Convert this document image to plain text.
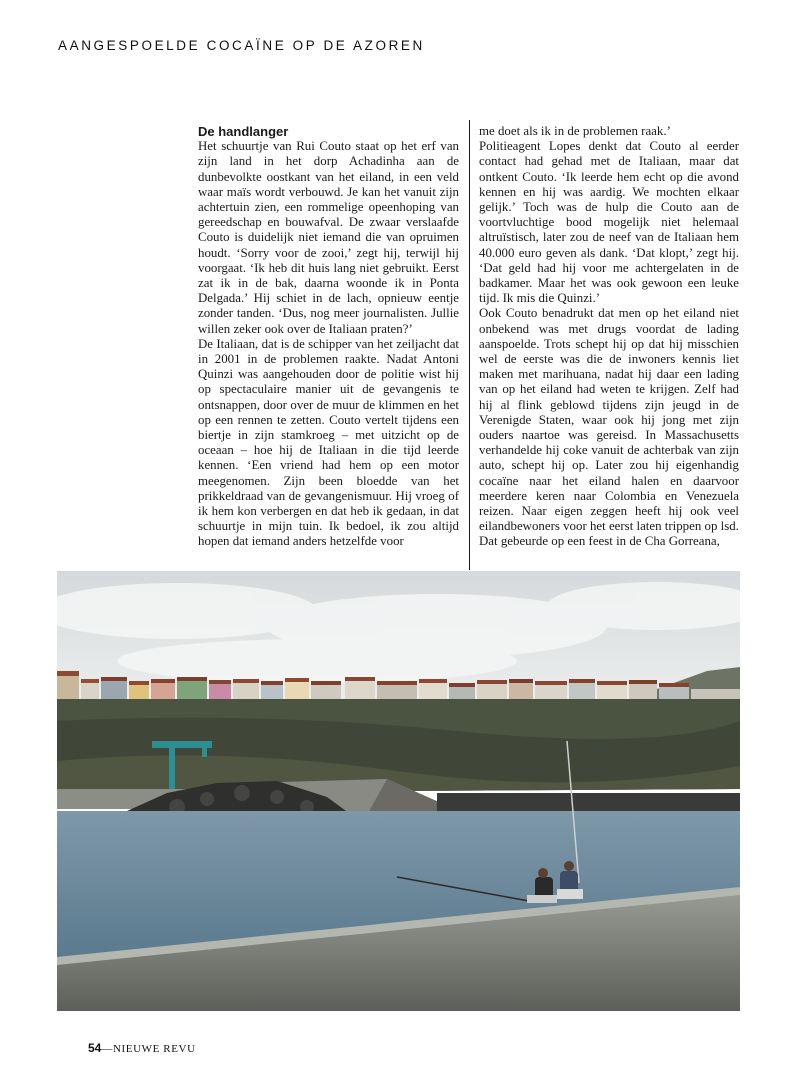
AANGESPOELDE COCAÏNE OP DE AZOREN

De handlanger

Het schuurtje van Rui Couto staat op het erf van zijn land in het dorp Achadinha aan de dunbevolkte oostkant van het eiland, in een veld waar maïs wordt verbouwd. Je kan het vanuit zijn achtertuin zien, een rommelige opeenhoping van gereedschap en bouwafval. De zwaar verslaafde Couto is duidelijk niet iemand die van opruimen houdt. ‘Sorry voor de zooi,’ zegt hij, terwijl hij voorgaat. ‘Ik heb dit huis lang niet gebruikt. Eerst zat ik in de bak, daarna woonde ik in Ponta Delgada.’ Hij schiet in de lach, opnieuw eentje zonder tanden. ‘Dus, nog meer journalisten. Jullie willen zeker ook over de Italiaan praten?’

De Italiaan, dat is de schipper van het zeiljacht dat in 2001 in de problemen raakte. Nadat Antoni Quinzi was aangehouden door de politie wist hij op spectaculaire manier uit de gevangenis te ontsnappen, door over de muur de klimmen en het op een rennen te zetten. Couto vertelt tijdens een biertje in zijn stamkroeg – met uitzicht op de oceaan – hoe hij de Italiaan in die tijd leerde kennen. ‘Een vriend had hem op een motor meegenomen. Zijn been bloedde van het prikkeldraad van de gevangenismuur. Hij vroeg of ik hem kon verbergen en dat heb ik gedaan, in dat schuurtje in mijn tuin. Ik bedoel, ik zou altijd hopen dat iemand anders hetzelfde voor

me doet als ik in de problemen raak.’

Politieagent Lopes denkt dat Couto al eerder contact had gehad met de Italiaan, maar dat ontkent Couto. ‘Ik leerde hem echt op die avond kennen en hij was aardig. We mochten elkaar gelijk.’ Toch was de hulp die Couto aan de voortvluchtige bood mogelijk niet helemaal altruïstisch, later zou de neef van de Italiaan hem 40.000 euro geven als dank. ‘Dat klopt,’ zegt hij. ‘Dat geld had hij voor me achtergelaten in de badkamer. Maar het was ook gewoon een leuke tijd. Ik mis die Quinzi.’

Ook Couto benadrukt dat men op het eiland niet onbekend was met drugs voordat de lading aanspoelde. Trots schept hij op dat hij misschien wel de eerste was die de inwoners kennis liet maken met marihuana, nadat hij daar een lading van op het eiland had weten te krijgen. Zelf had hij al flink geblowd tijdens zijn jeugd in de Verenigde Staten, waar ook hij jong met zijn ouders naartoe was gereisd. In Massachusetts verhandelde hij coke vanuit de achterbak van zijn auto, schept hij op. Later zou hij eigenhandig cocaïne naar het eiland halen en daarvoor meerdere keren naar Colombia en Venezuela reizen. Naar eigen zeggen heeft hij ook veel eilandbewoners voor het eerst laten trippen op lsd.

Dat gebeurde op een feest in de Cha Gorreana,

54—NIEUWE REVU
